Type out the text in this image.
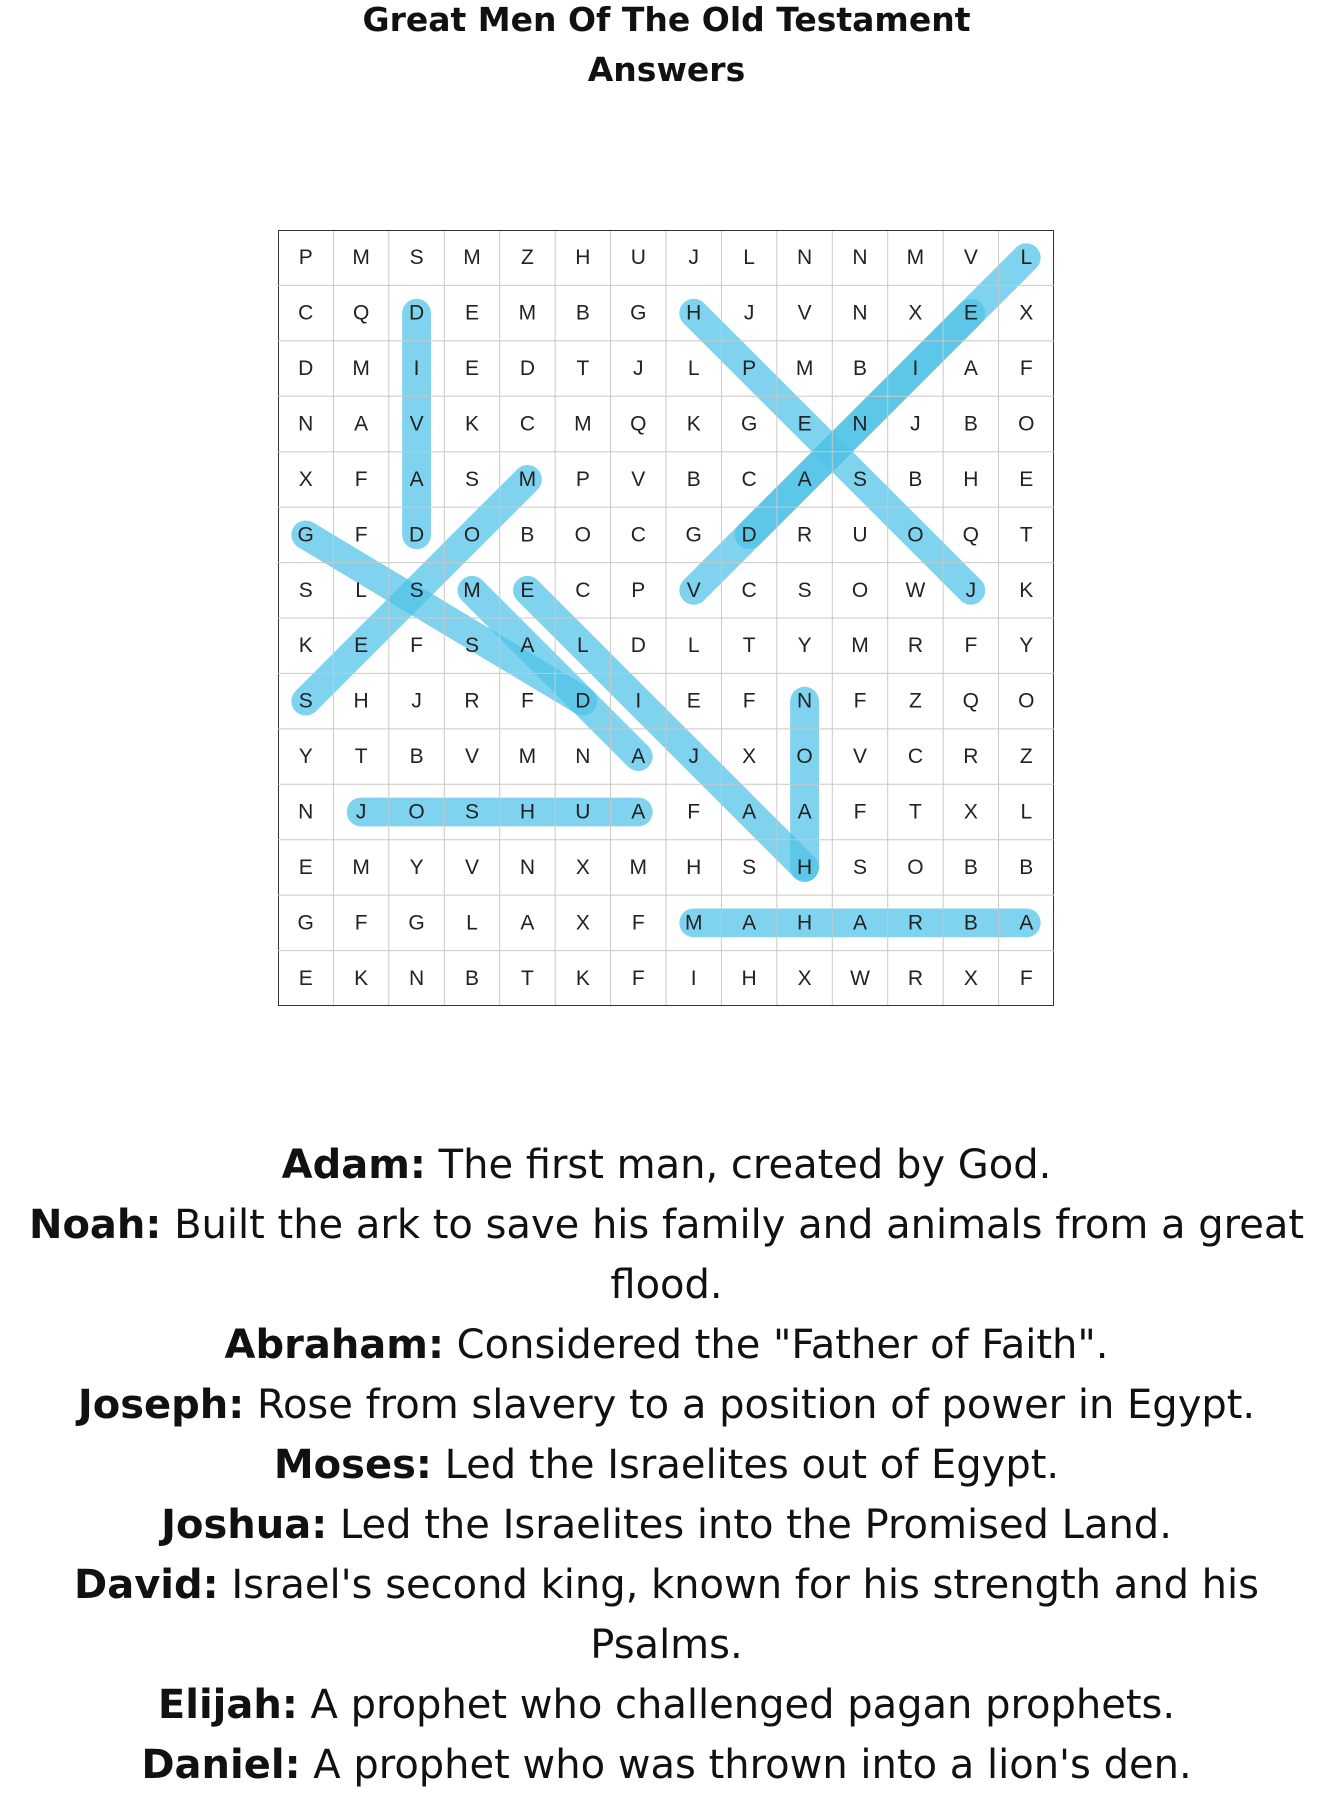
Great Men Of The Old Testament
Answers
P M S M Z H U J L N N M V L
C Q D E M B G H J V N X E X
D M I E D T J L P M B I A F
N A V K C M Q K G E N J B O
X F A S M P V B C A S B H E
G F D O B O C G D R U O Q T
S L S M E C P V C S O W J K
K E F S A L D L T Y M R F Y
S H J R F D I E F N F Z Q O
Y T B V M N A J X O V C R Z
N J O S H U A F A A F T X L
E M Y V N X M H S H S O B B
G F G L A X F M A H A R B A
E K N B T K F I H X W R X F

Adam: The first man, created by God.

Noah: Built the ark to save his family and animals from a great flood.

Abraham: Considered the "Father of Faith".

Joseph: Rose from slavery to a position of power in Egypt.

Moses: Led the Israelites out of Egypt.

Joshua: Led the Israelites into the Promised Land.

David: Israel's second king, known for his strength and his Psalms.

Elijah: A prophet who challenged pagan prophets.

Daniel: A prophet who was thrown into a lion's den.
